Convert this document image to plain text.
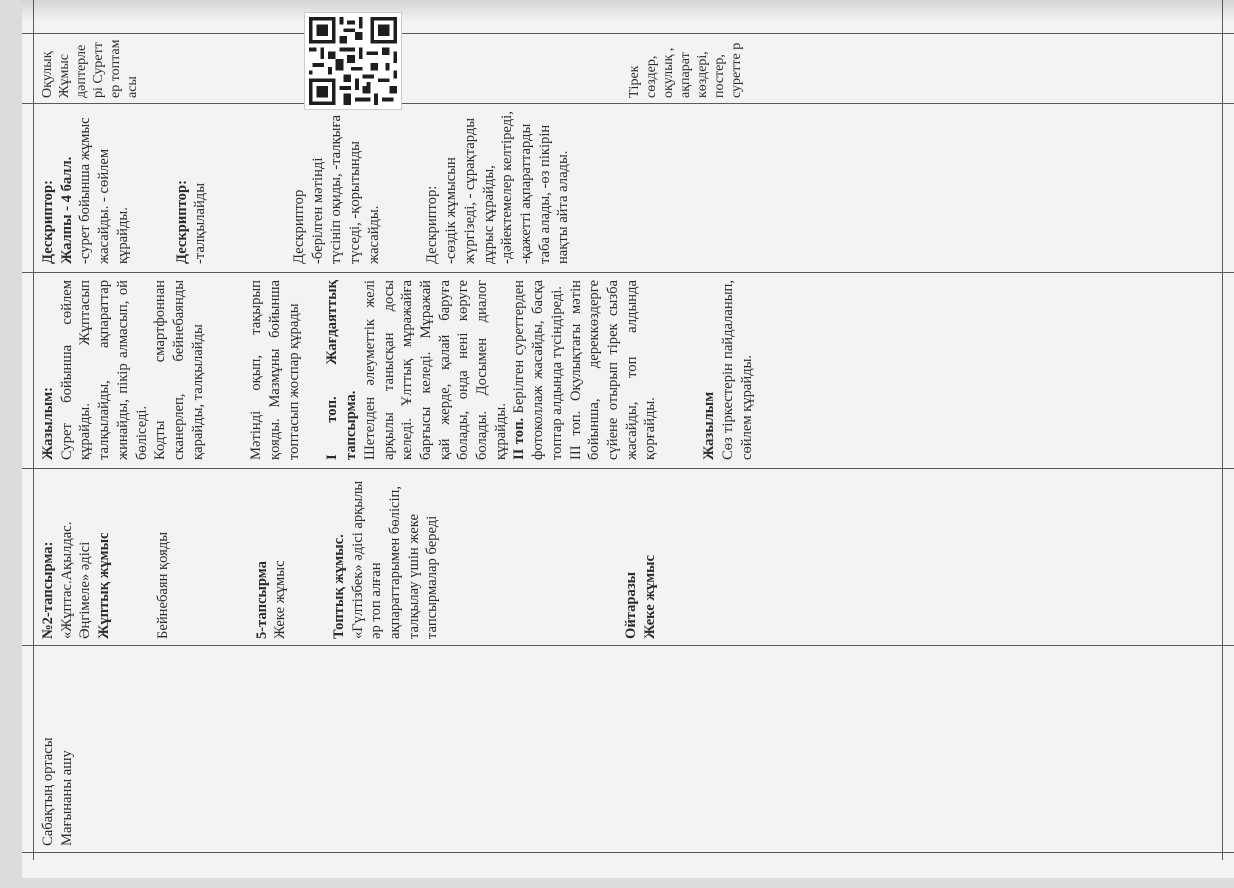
Сабақтың ортасы Мағынаны ашу

№2-тапсырма: «Жұптас.Ақылдас. Әңгімеле» әдісі Жұптық жұмыс	Бейнебаян қояды	5-тапсырма Жеке жұмыс	Топтық жұмыс. «Гүлтізбек» әдісі арқылы әр топ алған ақпараттарымен бөлісіп, талқылау үшін жеке тапсырмалар береді	Ойтаразы Жеке жұмыс

Жазылым: Сурет бойынша сөйлем құрайды. Жұптасып талқылайды, ақпараттар жинайды, пікір алмасып, ой бөліседі. Кодты смартфоннан сканерлеп, бейнебаянды қарайды, талқылайды	Мәтінді оқып, тақырып қояды. Мазмұны бойынша топтасып жоспар құрады І топ. Жағдаяттық тапсырма. Шетелден әлеуметтік желі арқылы танысқан досы келеді. Ұлттық мұражайға барғысы келеді. Мұражай қай жерде, қалай баруға болады, онда нені көруге болады. Досымен диалог құрайды. ІІ топ. Берілген суреттерден фотоколлаж жасайды, басқа топтар алдында түсіндіреді. ІІІ топ. Оқулықтағы мәтін бойынша, дереккөздерге сүйене отырып тірек сызба жасайды, топ алдында қорғайды.	Жазылым Сөз тіркестерін пайдаланып, сөйлем құрайды.

Дескриптор: Жалпы - 4 балл. -сурет бойынша жұмыс жасайды. - сөйлем құрайды.	Дескриптор: -талқылайды	Дескриптор -берілген мәтінді түсініп оқиды, -талқыға түседі, -қорытынды жасайды.	Дескриптор: -сөздік жұмысын жүргізеді, - сұрақтарды дұрыс құрайды, -дәйектемелер келтіреді, -қажетті ақпараттарды таба алады, -өз пікірін нақты айта алады.

Оқулық Жұмыс дәптерле рі Суретт ер топтам асы	Тірек сөздер, оқулық , ақпарат көздері, постер, суретте р
